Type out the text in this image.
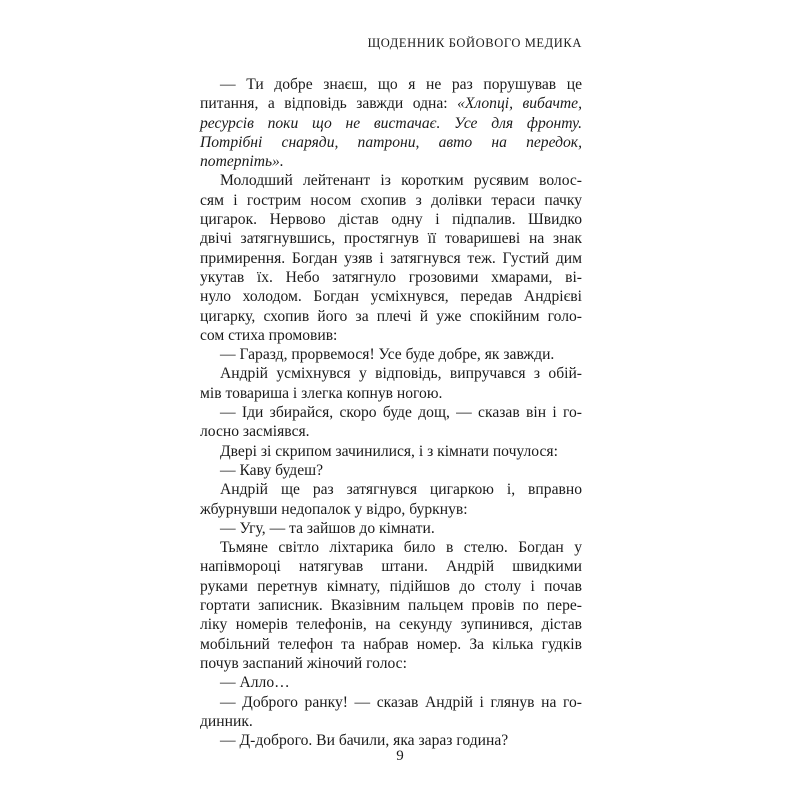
ЩОДЕННИК БОЙОВОГО МЕДИКА
— Ти добре знаєш, що я не раз порушував це
питання, а відповідь завжди одна: «Хлопці, вибачте,
ресурсів поки що не вистачає. Усе для фронту.
Потрібні снаряди, патрони, авто на передок,
потерпіть».
Молодший лейтенант із коротким русявим волос-
сям і гострим носом схопив з долівки тераси пачку
цигарок. Нервово дістав одну і підпалив. Швидко
двічі затягнувшись, простягнув її товаришеві на знак
примирення. Богдан узяв і затягнувся теж. Густий дим
укутав їх. Небо затягнуло грозовими хмарами, ві-
нуло холодом. Богдан усміхнувся, передав Андрієві
цигарку, схопив його за плечі й уже спокійним голо-
сом стиха промовив:
— Гаразд, прорвемося! Усе буде добре, як завжди.
Андрій усміхнувся у відповідь, випручався з обій-
мів товариша і злегка копнув ногою.
— Іди збирайся, скоро буде дощ, — сказав він і го-
лосно засміявся.
Двері зі скрипом зачинилися, і з кімнати почулося:
— Каву будеш?
Андрій ще раз затягнувся цигаркою і, вправно
жбурнувши недопалок у відро, буркнув:
— Угу, — та зайшов до кімнати.
Тьмяне світло ліхтарика било в стелю. Богдан у
напівмороці натягував штани. Андрій швидкими
руками перетнув кімнату, підійшов до столу і почав
гортати записник. Вказівним пальцем провів по пере-
ліку номерів телефонів, на секунду зупинився, дістав
мобільний телефон та набрав номер. За кілька гудків
почув заспаний жіночий голос:
— Алло…
— Доброго ранку! — сказав Андрій і глянув на го-
динник.
— Д-доброго. Ви бачили, яка зараз година?
9
